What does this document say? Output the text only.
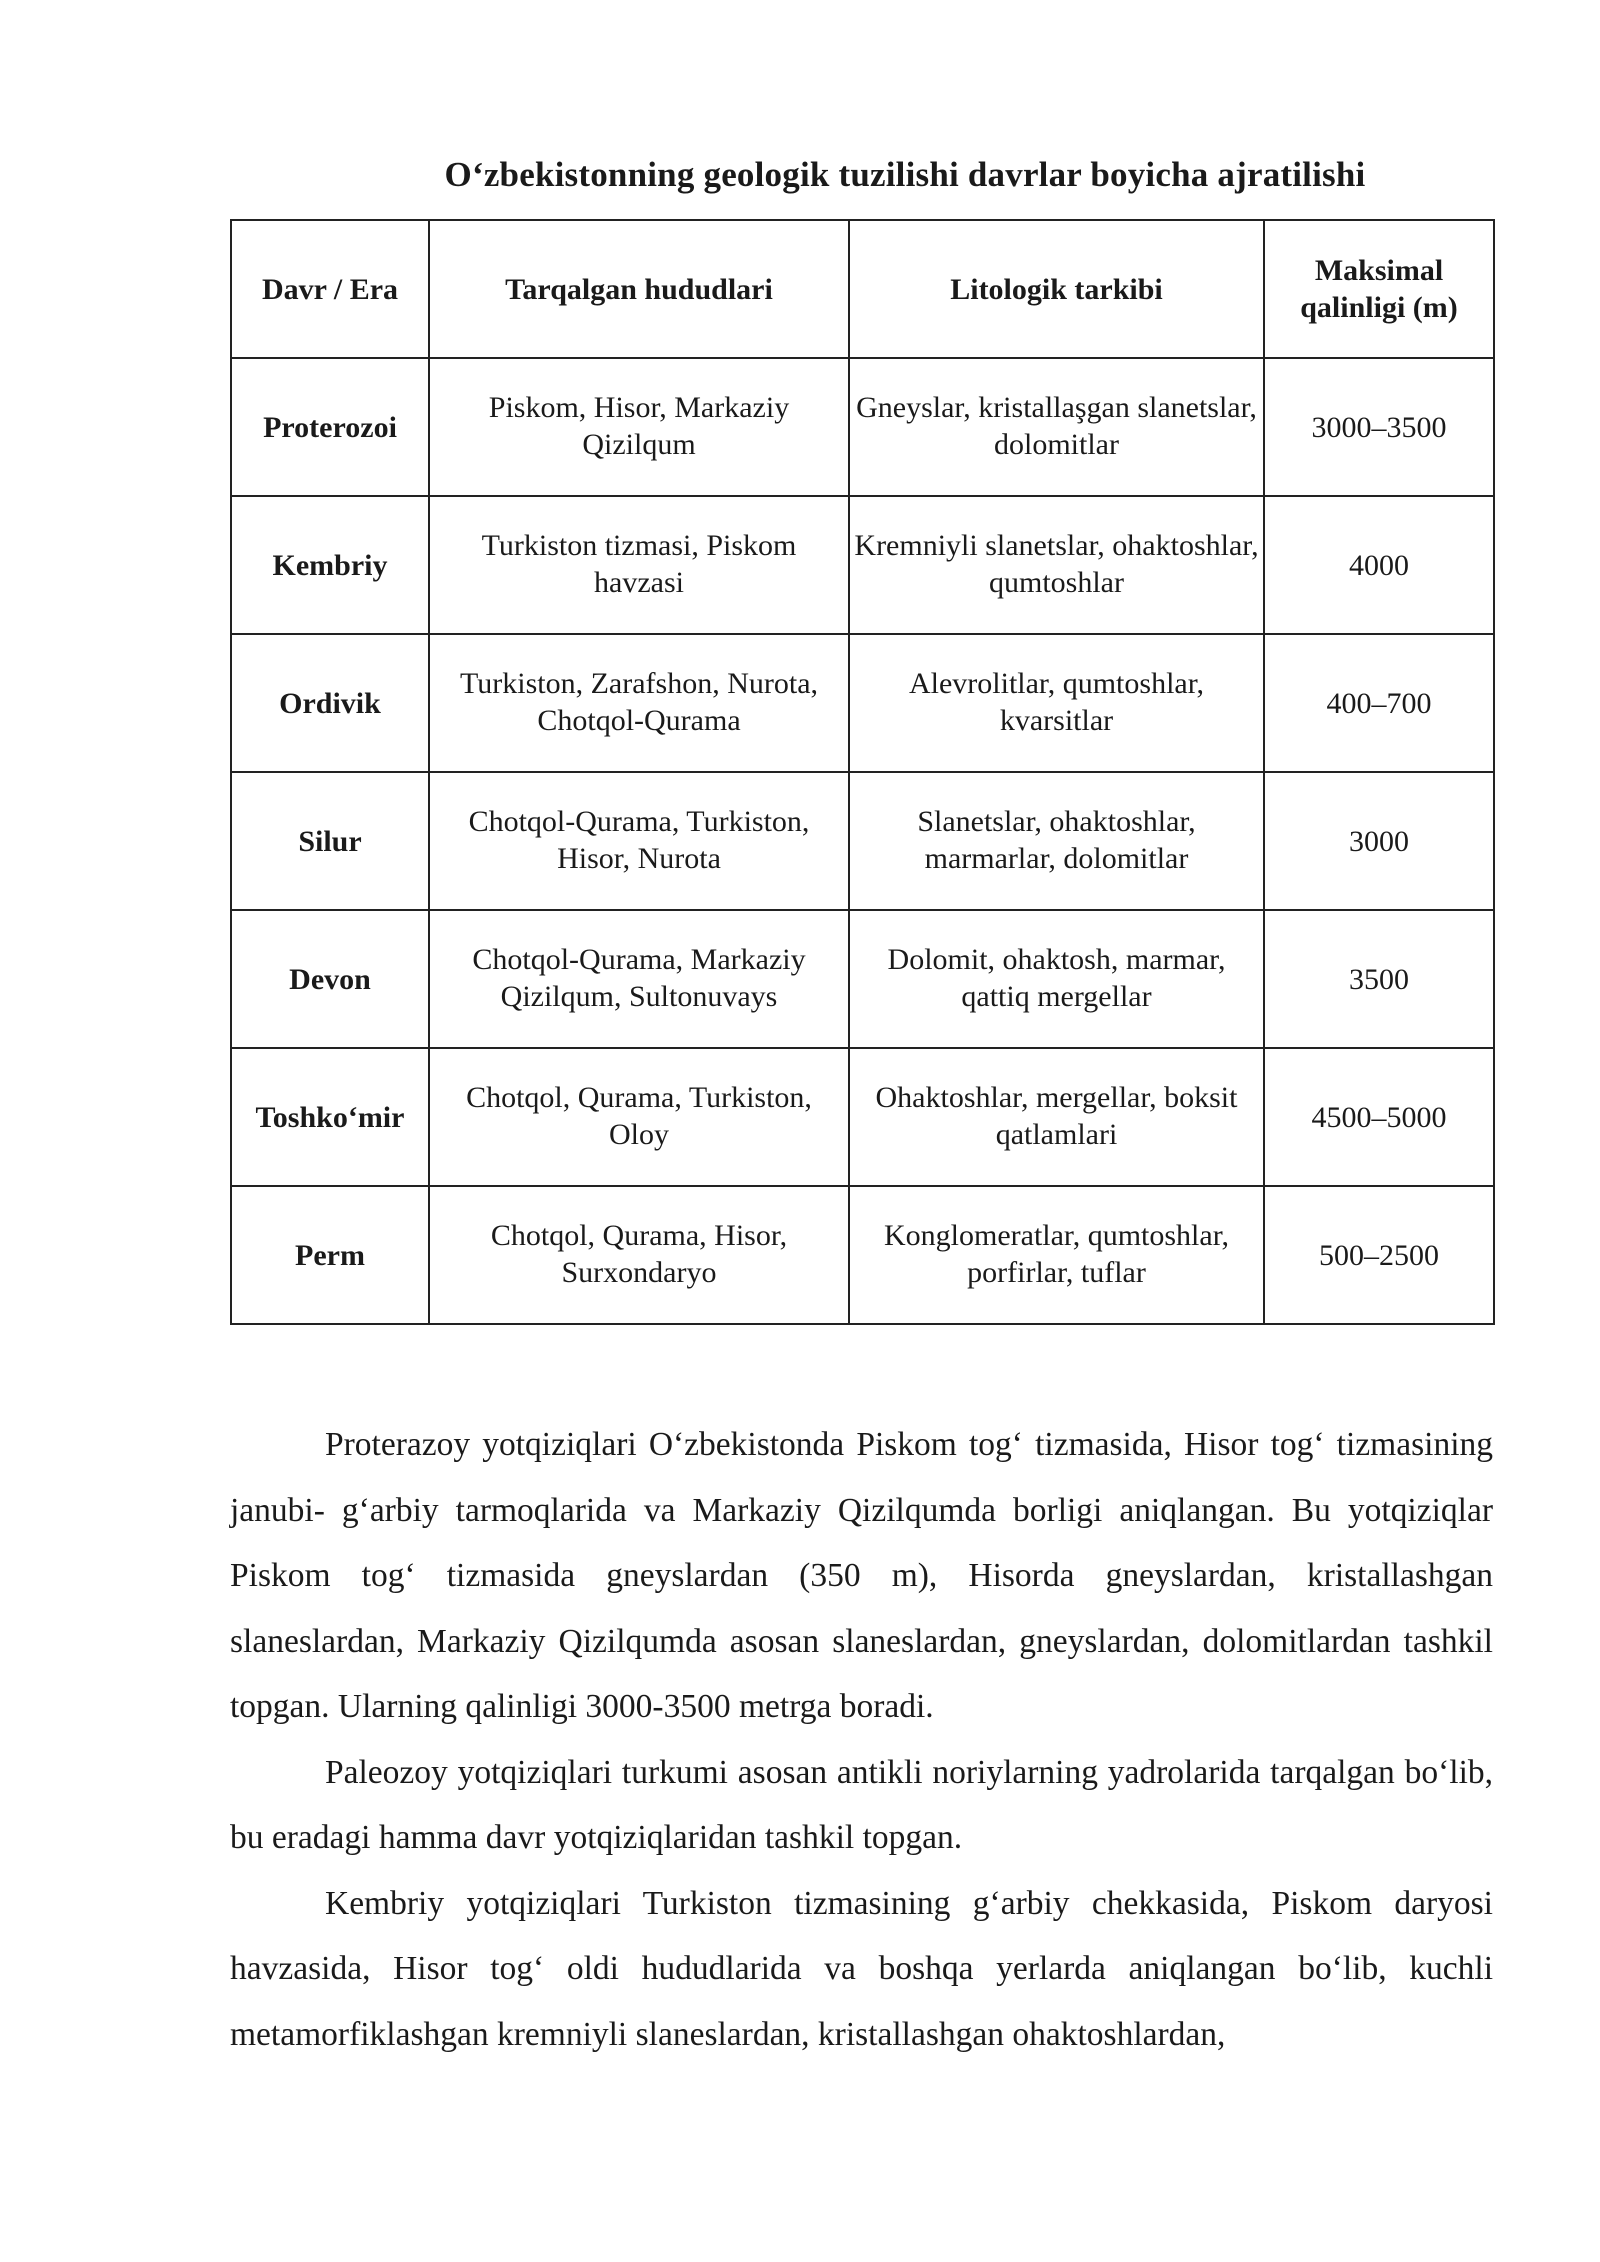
O‘zbekistonning geologik tuzilishi davrlar boyicha ajratilishi
Davr / Era	Tarqalgan hududlari	Litologik tarkibi	Maksimal qalinligi (m)
Proterozoi	Piskom, Hisor, Markaziy Qizilqum	Gneyslar, kristallaşgan slanetslar, dolomitlar	3000–3500
Kembriy	Turkiston tizmasi, Piskom havzasi	Kremniyli slanetslar, ohaktoshlar, qumtoshlar	4000
Ordivik	Turkiston, Zarafshon, Nurota, Chotqol-Qurama	Alevrolitlar, qumtoshlar, kvarsitlar	400–700
Silur	Chotqol-Qurama, Turkiston, Hisor, Nurota	Slanetslar, ohaktoshlar, marmarlar, dolomitlar	3000
Devon	Chotqol-Qurama, Markaziy Qizilqum, Sultonuvays	Dolomit, ohaktosh, marmar, qattiq mergellar	3500
Toshko‘mir	Chotqol, Qurama, Turkiston, Oloy	Ohaktoshlar, mergellar, boksit qatlamlari	4500–5000
Perm	Chotqol, Qurama, Hisor, Surxondaryo	Konglomeratlar, qumtoshlar, porfirlar, tuflar	500–2500

Proterazoy yotqiziqlari O‘zbekistonda Piskom tog‘ tizmasida, Hisor tog‘ tizmasining janubi- g‘arbiy tarmoqlarida va Markaziy Qizilqumda borligi aniqlangan. Bu yotqiziqlar Piskom tog‘ tizmasida gneyslardan (350 m), Hisorda gneyslardan, kristallashgan slaneslardan, Markaziy Qizilqumda asosan slaneslardan, gneyslardan, dolomitlardan tashkil topgan. Ularning qalinligi 3000-3500 metrga boradi.

Paleozoy yotqiziqlari turkumi asosan antikli noriylarning yadrolarida tarqalgan bo‘lib, bu eradagi hamma davr yotqiziqlaridan tashkil topgan.

Kembriy yotqiziqlari Turkiston tizmasining g‘arbiy chekkasida, Piskom daryosi havzasida, Hisor tog‘ oldi hududlarida va boshqa yerlarda aniqlangan bo‘lib, kuchli metamorfiklashgan kremniyli slaneslardan, kristallashgan ohaktoshlardan,
